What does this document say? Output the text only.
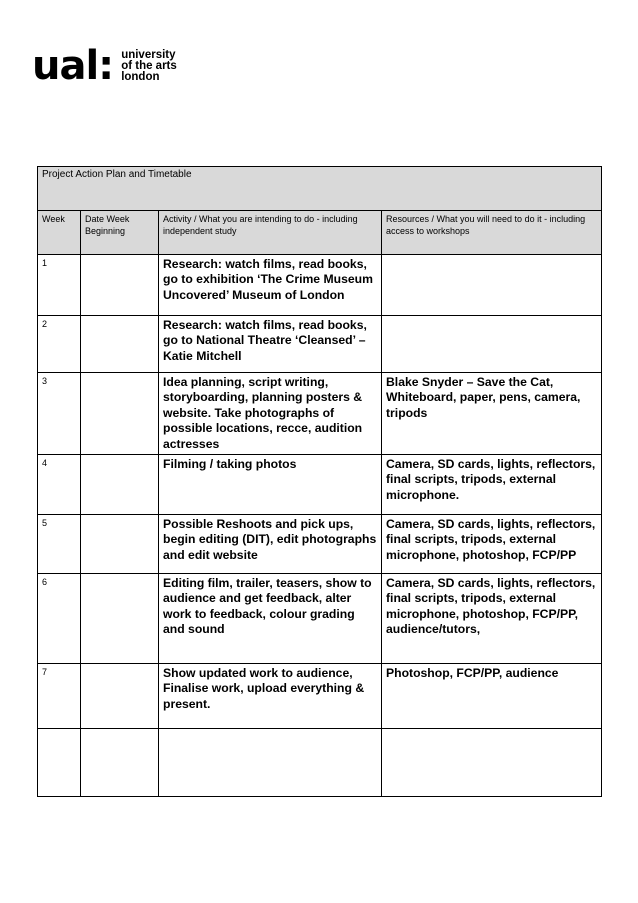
ual: university
of the arts
london
Project Action Plan and Timetable			
Week	Date Week Beginning	Activity / What you are intending to do - including independent study	Resources / What you will need to do it - including access to workshops
1		Research: watch films, read books, go to exhibition ‘The Crime Museum Uncovered’ Museum of London	
2		Research: watch films, read books, go to National Theatre ‘Cleansed’ – Katie Mitchell	
3		Idea planning, script writing, storyboarding, planning posters & website. Take photographs of possible locations, recce, audition actresses	Blake Snyder – Save the Cat, Whiteboard, paper, pens, camera, tripods
4		Filming / taking photos	Camera, SD cards, lights, reflectors, final scripts, tripods, external microphone.
5		Possible Reshoots and pick ups, begin editing (DIT), edit photographs and edit website	Camera, SD cards, lights, reflectors, final scripts, tripods, external microphone, photoshop, FCP/PP
6		Editing film, trailer, teasers, show to audience and get feedback, alter work to feedback, colour grading and sound	Camera, SD cards, lights, reflectors, final scripts, tripods, external microphone, photoshop, FCP/PP, audience/tutors,
7		Show updated work to audience, Finalise work, upload everything & present.	Photoshop, FCP/PP, audience
